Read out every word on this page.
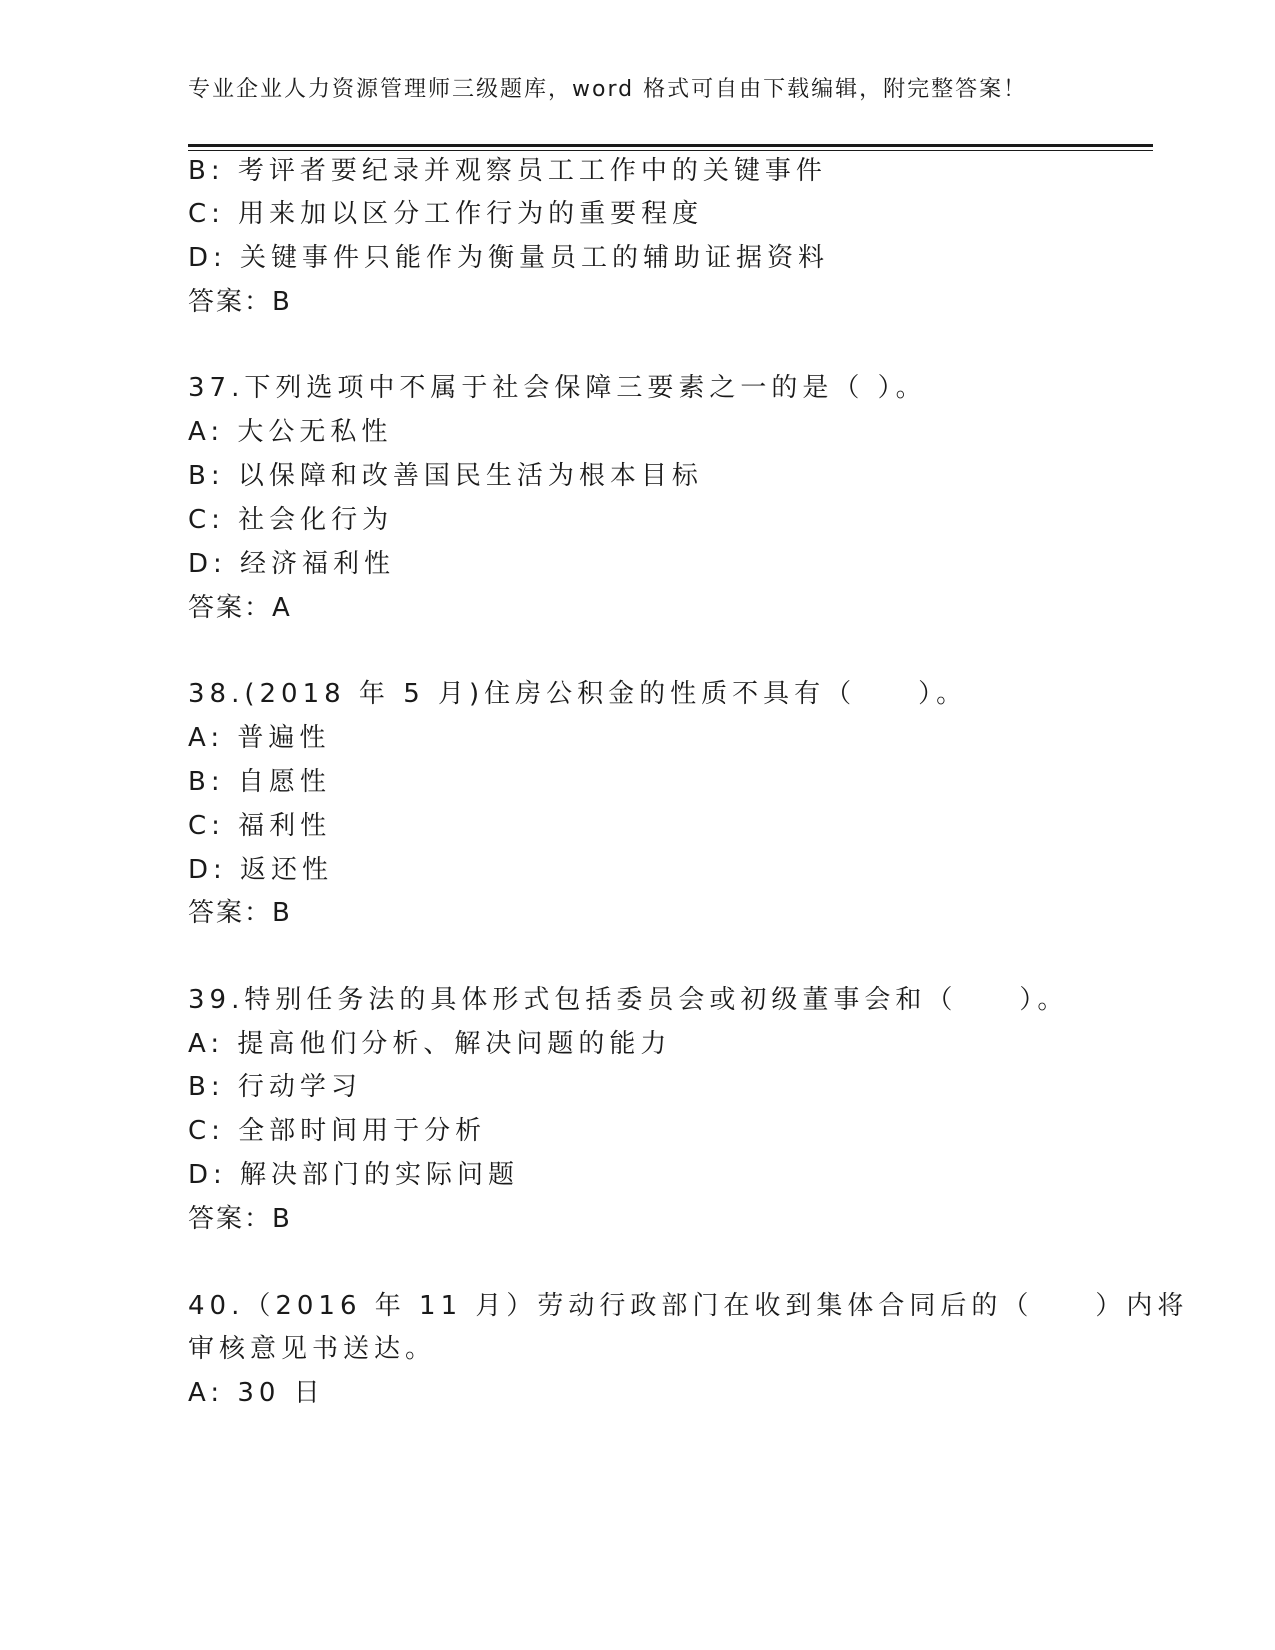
专业企业人力资源管理师三级题库，word 格式可自由下载编辑，附完整答案！
B: 考评者要纪录并观察员工工作中的关键事件
C: 用来加以区分工作行为的重要程度
D: 关键事件只能作为衡量员工的辅助证据资料
答案：B
37.下列选项中不属于社会保障三要素之一的是（ ）。
A: 大公无私性
B: 以保障和改善国民生活为根本目标
C: 社会化行为
D: 经济福利性
答案：A
38.(2018 年 5 月)住房公积金的性质不具有（　　）。
A: 普遍性
B: 自愿性
C: 福利性
D: 返还性
答案：B
39.特别任务法的具体形式包括委员会或初级董事会和（　　）。
A: 提高他们分析、解决问题的能力
B: 行动学习
C: 全部时间用于分析
D: 解决部门的实际问题
答案：B
40.（2016 年 11 月）劳动行政部门在收到集体合同后的（　　）内将
审核意见书送达。
A: 30 日
